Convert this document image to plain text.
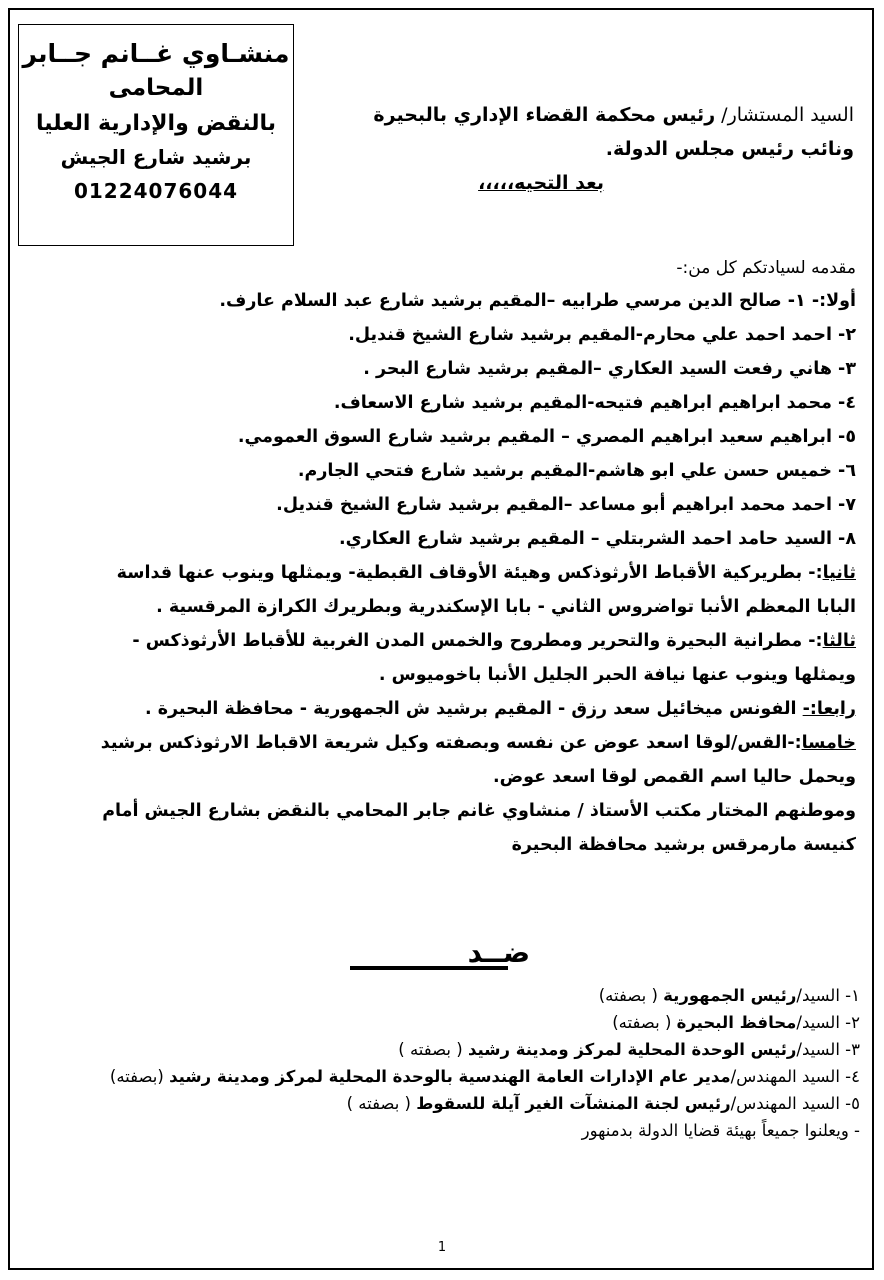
منشـاوي غــانم جــابر
المحامى
بالنقض والإدارية العليا
برشيد شارع الجيش
01224076044
السيد المستشار/ رئيس محكمة القضاء الإداري بالبحيرة
ونائب رئيس مجلس الدولة.
بعد التحيه،،،،،
مقدمه لسيادتكم كل من:-
أولا:- ١- صالح الدين مرسي طرابيه –المقيم برشيد شارع عبد السلام عارف.
٢- احمد احمد علي محارم-المقيم برشيد شارع الشيخ قنديل.
٣- هاني رفعت السيد العكاري –المقيم برشيد شارع البحر .
٤- محمد ابراهيم ابراهيم فتيحه-المقيم برشيد شارع الاسعاف.
٥- ابراهيم سعيد ابراهيم المصري – المقيم برشيد شارع السوق العمومي.
٦- خميس حسن علي ابو هاشم-المقيم برشيد شارع فتحي الجارم.
٧- احمد محمد ابراهيم أبو مساعد –المقيم برشيد شارع الشيخ قنديل.
٨- السيد حامد احمد الشربتلي – المقيم برشيد شارع العكاري.
ثانيا:- بطريركية الأقباط الأرثوذكس وهيئة الأوقاف القبطية- ويمثلها وينوب عنها قداسة
البابا المعظم الأنبا تواضروس الثاني - بابا الإسكندرية وبطريرك الكرازة المرقسية .
ثالثا:- مطرانية البحيرة والتحرير ومطروح والخمس المدن الغربية للأقباط الأرثوذكس -
ويمثلها وينوب عنها نيافة الحبر الجليل الأنبا باخوميوس .
رابعا:- الفونس ميخائيل سعد رزق - المقيم برشيد ش الجمهورية - محافظة البحيرة .
خامسا:-القس/لوقا اسعد عوض عن نفسه وبصفته وكيل شريعة الاقباط الارثوذكس برشيد
ويحمل حاليا اسم القمص لوقا اسعد عوض.
وموطنهم المختار مكتب الأستاذ / منشاوي غانم جابر المحامي بالنقض بشارع الجيش أمام
كنيسة مارمرقس برشيد محافظة البحيرة
ضــد
١- السيد/رئيس الجمهورية ( بصفته)
٢- السيد/محافظ البحيرة ( بصفته)
٣- السيد/رئيس الوحدة المحلية لمركز ومدينة رشيد ( بصفته )
٤- السيد المهندس/مدير عام الإدارات العامة الهندسية بالوحدة المحلية لمركز ومدينة رشيد (بصفته)
٥- السيد المهندس/رئيس لجنة المنشآت الغير آيلة للسقوط ( بصفته )
- ويعلنوا جميعاً بهيئة قضايا الدولة بدمنهور
1
